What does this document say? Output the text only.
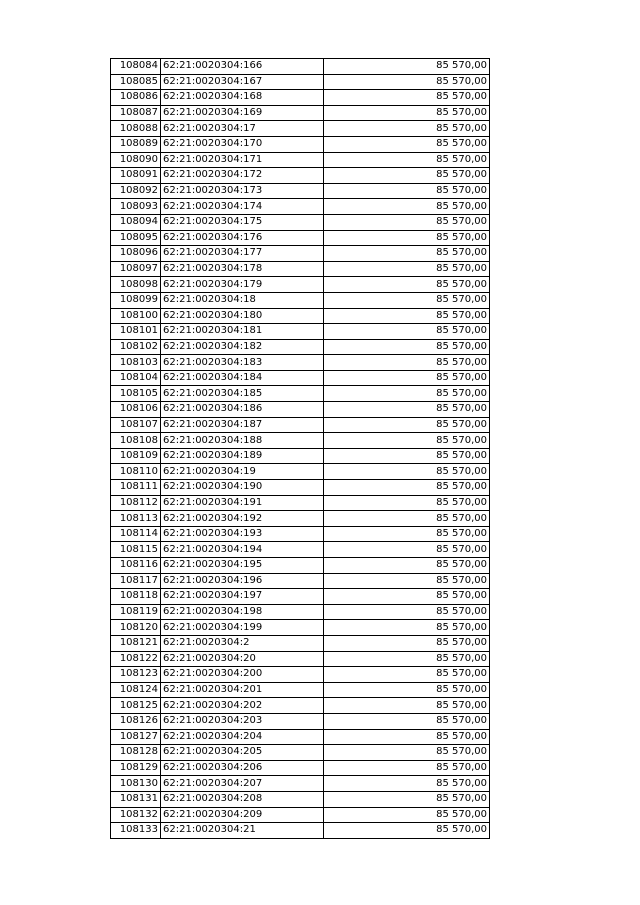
108084	62:21:0020304:166	85 570,00
108085	62:21:0020304:167	85 570,00
108086	62:21:0020304:168	85 570,00
108087	62:21:0020304:169	85 570,00
108088	62:21:0020304:17	85 570,00
108089	62:21:0020304:170	85 570,00
108090	62:21:0020304:171	85 570,00
108091	62:21:0020304:172	85 570,00
108092	62:21:0020304:173	85 570,00
108093	62:21:0020304:174	85 570,00
108094	62:21:0020304:175	85 570,00
108095	62:21:0020304:176	85 570,00
108096	62:21:0020304:177	85 570,00
108097	62:21:0020304:178	85 570,00
108098	62:21:0020304:179	85 570,00
108099	62:21:0020304:18	85 570,00
108100	62:21:0020304:180	85 570,00
108101	62:21:0020304:181	85 570,00
108102	62:21:0020304:182	85 570,00
108103	62:21:0020304:183	85 570,00
108104	62:21:0020304:184	85 570,00
108105	62:21:0020304:185	85 570,00
108106	62:21:0020304:186	85 570,00
108107	62:21:0020304:187	85 570,00
108108	62:21:0020304:188	85 570,00
108109	62:21:0020304:189	85 570,00
108110	62:21:0020304:19	85 570,00
108111	62:21:0020304:190	85 570,00
108112	62:21:0020304:191	85 570,00
108113	62:21:0020304:192	85 570,00
108114	62:21:0020304:193	85 570,00
108115	62:21:0020304:194	85 570,00
108116	62:21:0020304:195	85 570,00
108117	62:21:0020304:196	85 570,00
108118	62:21:0020304:197	85 570,00
108119	62:21:0020304:198	85 570,00
108120	62:21:0020304:199	85 570,00
108121	62:21:0020304:2	85 570,00
108122	62:21:0020304:20	85 570,00
108123	62:21:0020304:200	85 570,00
108124	62:21:0020304:201	85 570,00
108125	62:21:0020304:202	85 570,00
108126	62:21:0020304:203	85 570,00
108127	62:21:0020304:204	85 570,00
108128	62:21:0020304:205	85 570,00
108129	62:21:0020304:206	85 570,00
108130	62:21:0020304:207	85 570,00
108131	62:21:0020304:208	85 570,00
108132	62:21:0020304:209	85 570,00
108133	62:21:0020304:21	85 570,00
